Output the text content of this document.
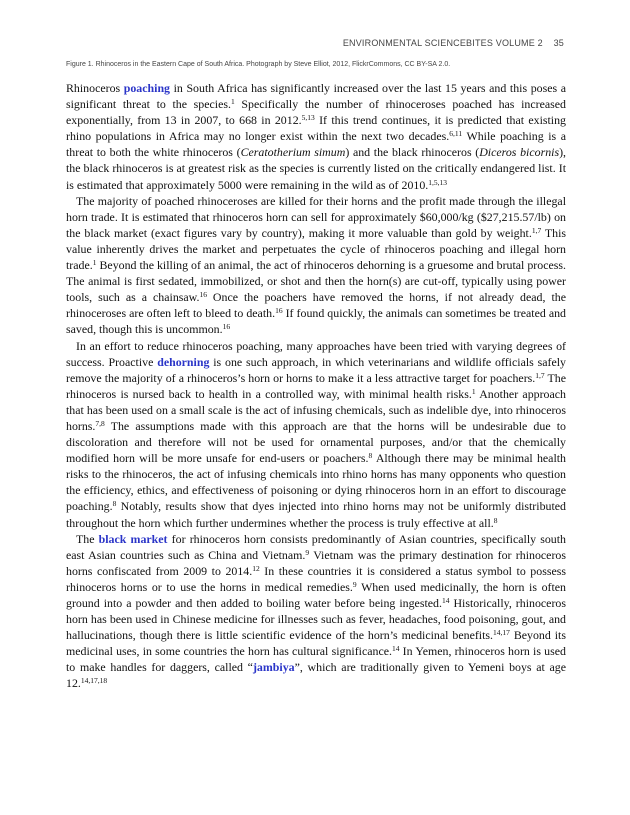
ENVIRONMENTAL SCIENCEBITES VOLUME 2 35
Figure 1. Rhinoceros in the Eastern Cape of South Africa. Photograph by Steve Elliot, 2012, FlickrCommons, CC BY-SA 2.0.

Rhinoceros poaching in South Africa has significantly increased over the last 15 years and this poses a significant threat to the species.$^1$ Specifically the number of rhinoceroses poached has increased exponentially, from 13 in 2007, to 668 in 2012.$^{5,13}$ If this trend continues, it is predicted that existing rhino populations in Africa may no longer exist within the next two decades.$^{6,11}$ While poaching is a threat to both the white rhinoceros (Ceratotherium simum) and the black rhinoceros (Diceros bicornis), the black rhinoceros is at greatest risk as the species is currently listed on the critically endangered list. It is estimated that approximately 5000 were remaining in the wild as of 2010.$^{1,5,13}$

The majority of poached rhinoceroses are killed for their horns and the profit made through the illegal horn trade. It is estimated that rhinoceros horn can sell for approximately $60,000/kg ($27,215.57/lb) on the black market (exact figures vary by country), making it more valuable than gold by weight.$^{1,7}$ This value inherently drives the market and perpetuates the cycle of rhinoceros poaching and illegal horn trade.$^1$ Beyond the killing of an animal, the act of rhinoceros dehorning is a gruesome and brutal process. The animal is first sedated, immobilized, or shot and then the horn(s) are cut-off, typically using power tools, such as a chainsaw.$^{16}$ Once the poachers have removed the horns, if not already dead, the rhinoceroses are often left to bleed to death.$^{16}$ If found quickly, the animals can sometimes be treated and saved, though this is uncommon.$^{16}$

In an effort to reduce rhinoceros poaching, many approaches have been tried with varying degrees of success. Proactive dehorning is one such approach, in which veterinarians and wildlife officials safely remove the majority of a rhinoceros’s horn or horns to make it a less attractive target for poachers.$^{1,7}$ The rhinoceros is nursed back to health in a controlled way, with minimal health risks.$^1$ Another approach that has been used on a small scale is the act of infusing chemicals, such as indelible dye, into rhinoceros horns.$^{7,8}$ The assumptions made with this approach are that the horns will be undesirable due to discoloration and therefore will not be used for ornamental purposes, and/or that the chemically modified horn will be more unsafe for end-users or poachers.$^8$ Although there may be minimal health risks to the rhinoceros, the act of infusing chemicals into rhino horns has many opponents who question the efficiency, ethics, and effectiveness of poisoning or dying rhinoceros horn in an effort to discourage poaching.$^8$ Notably, results show that dyes injected into rhino horns may not be uniformly distributed throughout the horn which further undermines whether the process is truly effective at all.$^8$

The black market for rhinoceros horn consists predominantly of Asian countries, specifically south east Asian countries such as China and Vietnam.$^9$ Vietnam was the primary destination for rhinoceros horns confiscated from 2009 to 2014.12 In these countries it is considered a status symbol to possess rhinoceros horns or to use the horns in medical remedies.$^9$ When used medicinally, the horn is often ground into a powder and then added to boiling water before being ingested.$^{14}$ Historically, rhinoceros horn has been used in Chinese medicine for illnesses such as fever, headaches, food poisoning, gout, and hallucinations, though there is little scientific evidence of the horn’s medicinal benefits.$^{14,17}$ Beyond its medicinal uses, in some countries the horn has cultural significance.$^{14}$ In Yemen, rhinoceros horn is used to make handles for daggers, called “jambiya”, which are traditionally given to Yemeni boys at age 12.$^{14,17,18}$
